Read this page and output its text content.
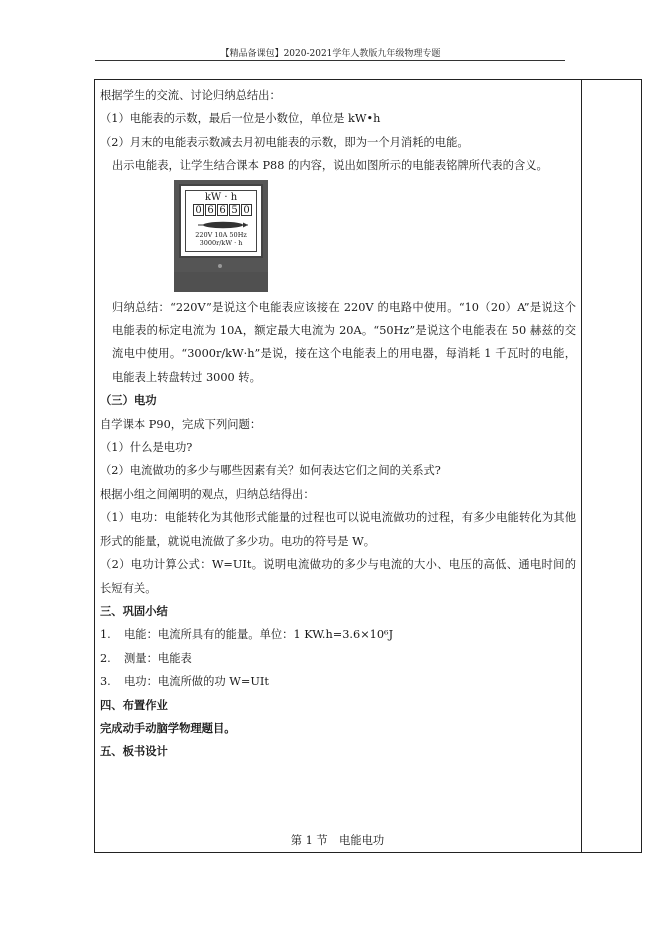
【精品备课包】2020-2021学年人教版九年级物理专题

根据学生的交流、讨论归纳总结出：

（1）电能表的示数，最后一位是小数位，单位是 kW•h

（2）月末的电能表示数减去月初电能表的示数，即为一个月消耗的电能。

出示电能表，让学生结合课本 P88 的内容，说出如图所示的电能表铭牌所代表的含义。

kW · h
0 6 6 5 0
220V 10A 50Hz
3000r/kW · h

归纳总结：“220V”是说这个电能表应该接在 220V 的电路中使用。“10（20）A”是说这个电能表的标定电流为 10A，额定最大电流为 20A。“50Hz”是说这个电能表在 50 赫兹的交流电中使用。“3000r/kW·h”是说，接在这个电能表上的用电器，每消耗 1 千瓦时的电能，电能表上转盘转过 3000 转。

（三）电功

自学课本 P90，完成下列问题：

（1）什么是电功?

（2）电流做功的多少与哪些因素有关？如何表达它们之间的关系式?

根据小组之间阐明的观点，归纳总结得出：

（1）电功：电能转化为其他形式能量的过程也可以说电流做功的过程，有多少电能转化为其他形式的能量，就说电流做了多少功。电功的符号是 W。

（2）电功计算公式：W=UIt。说明电流做功的多少与电流的大小、电压的高低、通电时间的长短有关。

三、巩固小结

1. 电能：电流所具有的能量。单位：1 KW.h=3.6×10⁶J

2. 测量：电能表

3. 电功：电流所做的功 W=UIt

四、布置作业

完成动手动脑学物理题目。

五、板书设计

第 1 节　电能电功
